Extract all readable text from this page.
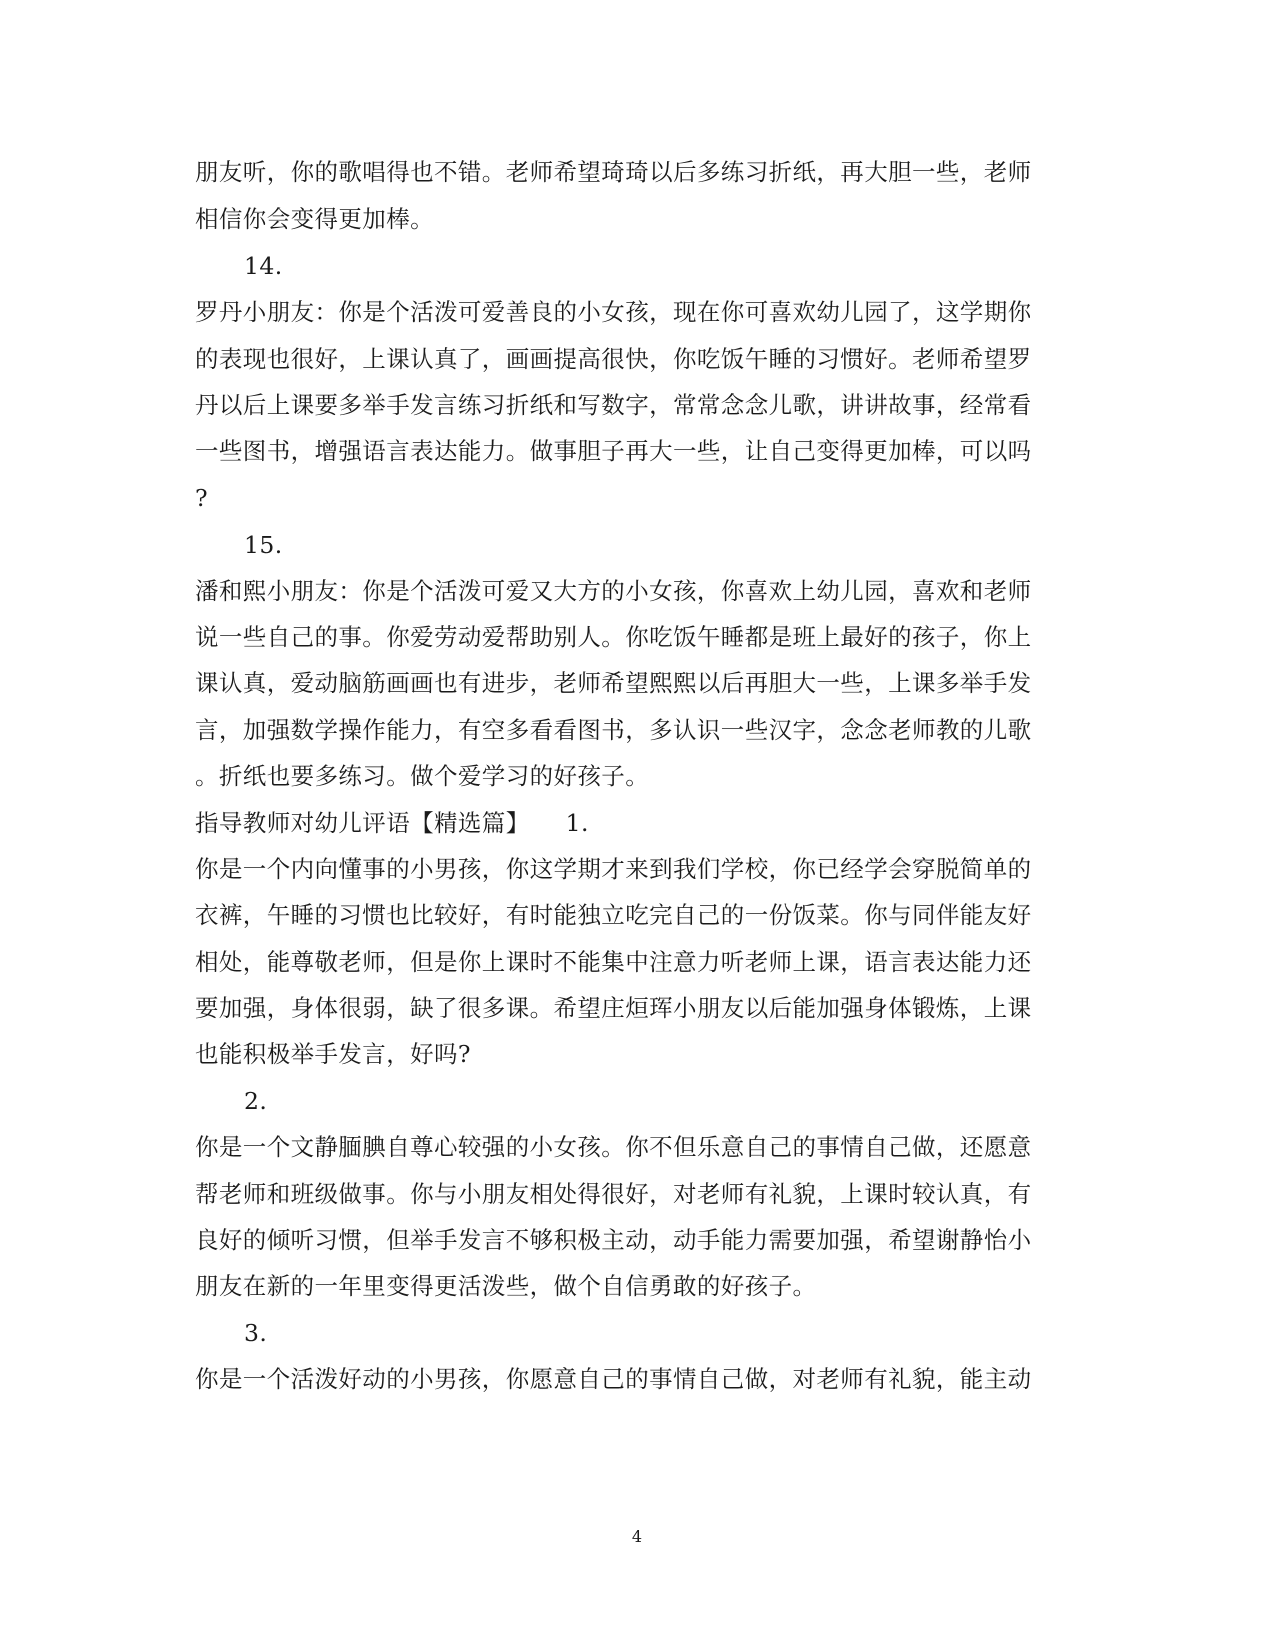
朋友听，你的歌唱得也不错。老师希望琦琦以后多练习折纸，再大胆一些，老师
相信你会变得更加棒。
14.
罗丹小朋友：你是个活泼可爱善良的小女孩，现在你可喜欢幼儿园了，这学期你
的表现也很好，上课认真了，画画提高很快，你吃饭午睡的习惯好。老师希望罗
丹以后上课要多举手发言练习折纸和写数字，常常念念儿歌，讲讲故事，经常看
一些图书，增强语言表达能力。做事胆子再大一些，让自己变得更加棒，可以吗
?
15.
潘和熙小朋友：你是个活泼可爱又大方的小女孩，你喜欢上幼儿园，喜欢和老师
说一些自己的事。你爱劳动爱帮助别人。你吃饭午睡都是班上最好的孩子，你上
课认真，爱动脑筋画画也有进步，老师希望熙熙以后再胆大一些，上课多举手发
言，加强数学操作能力，有空多看看图书，多认识一些汉字，念念老师教的儿歌
。折纸也要多练习。做个爱学习的好孩子。
指导教师对幼儿评语【精选篇】　　1.
你是一个内向懂事的小男孩，你这学期才来到我们学校，你已经学会穿脱简单的
衣裤，午睡的习惯也比较好，有时能独立吃完自己的一份饭菜。你与同伴能友好
相处，能尊敬老师，但是你上课时不能集中注意力听老师上课，语言表达能力还
要加强，身体很弱，缺了很多课。希望庄烜珲小朋友以后能加强身体锻炼，上课
也能积极举手发言，好吗?
2.
你是一个文静腼腆自尊心较强的小女孩。你不但乐意自己的事情自己做，还愿意
帮老师和班级做事。你与小朋友相处得很好，对老师有礼貌，上课时较认真，有
良好的倾听习惯，但举手发言不够积极主动，动手能力需要加强，希望谢静怡小
朋友在新的一年里变得更活泼些，做个自信勇敢的好孩子。
3.
你是一个活泼好动的小男孩，你愿意自己的事情自己做，对老师有礼貌，能主动
4
